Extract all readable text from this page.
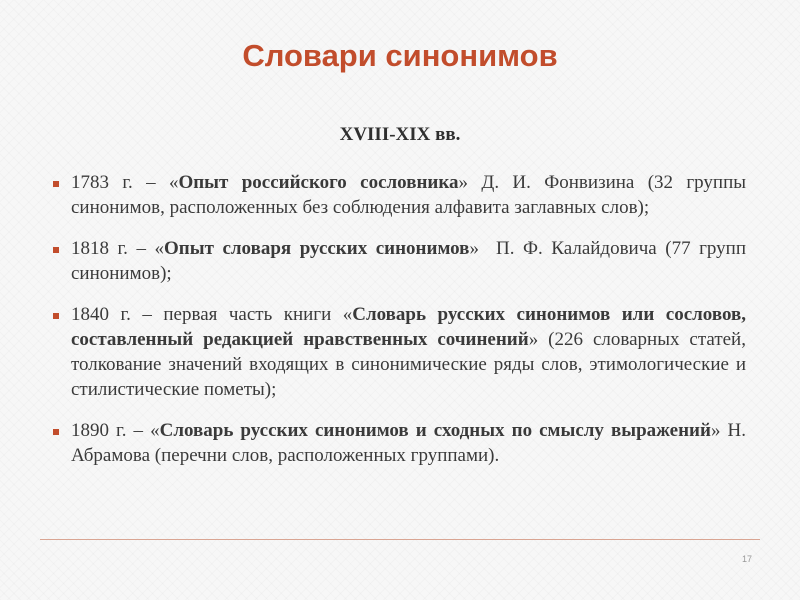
Словари синонимов
XVIII-XIX вв.
1783 г. – «Опыт российского сословника» Д. И. Фонвизина (32 группы синонимов, расположенных без соблюдения алфавита заглавных слов);
1818 г. – «Опыт словаря русских синонимов»  П. Ф. Калайдовича (77 групп синонимов);
1840 г. – первая часть книги «Словарь русских синонимов или сословов, составленный редакцией нравственных сочинений» (226 словарных статей, толкование значений входящих в синонимические ряды слов, этимологические и стилистические пометы);
1890 г. – «Словарь русских синонимов и сходных по смыслу выражений» Н. Абрамова (перечни слов, расположенных группами).
17
